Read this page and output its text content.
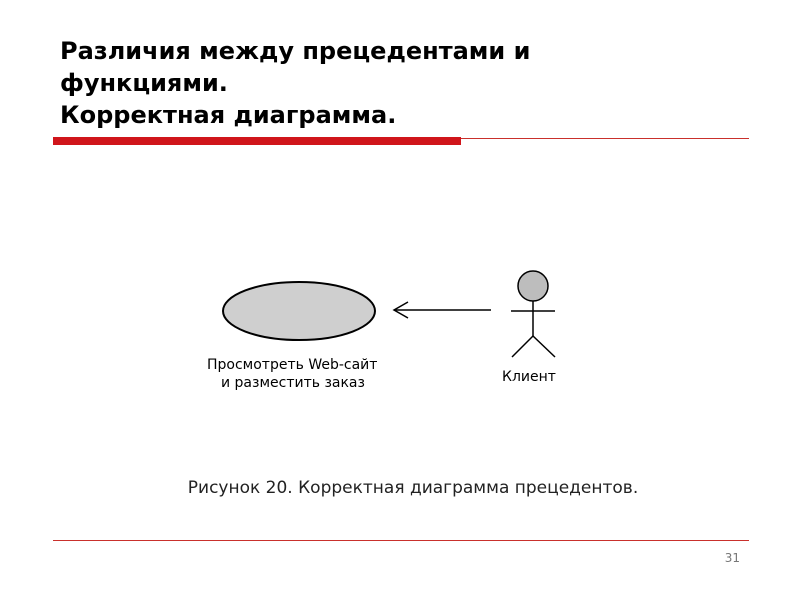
Различия между прецедентами и
функциями.
Корректная диаграмма.
Просмотреть Web-сайт
и разместить заказ	Клиент

Рисунок 20. Корректная диаграмма прецедентов.

31
